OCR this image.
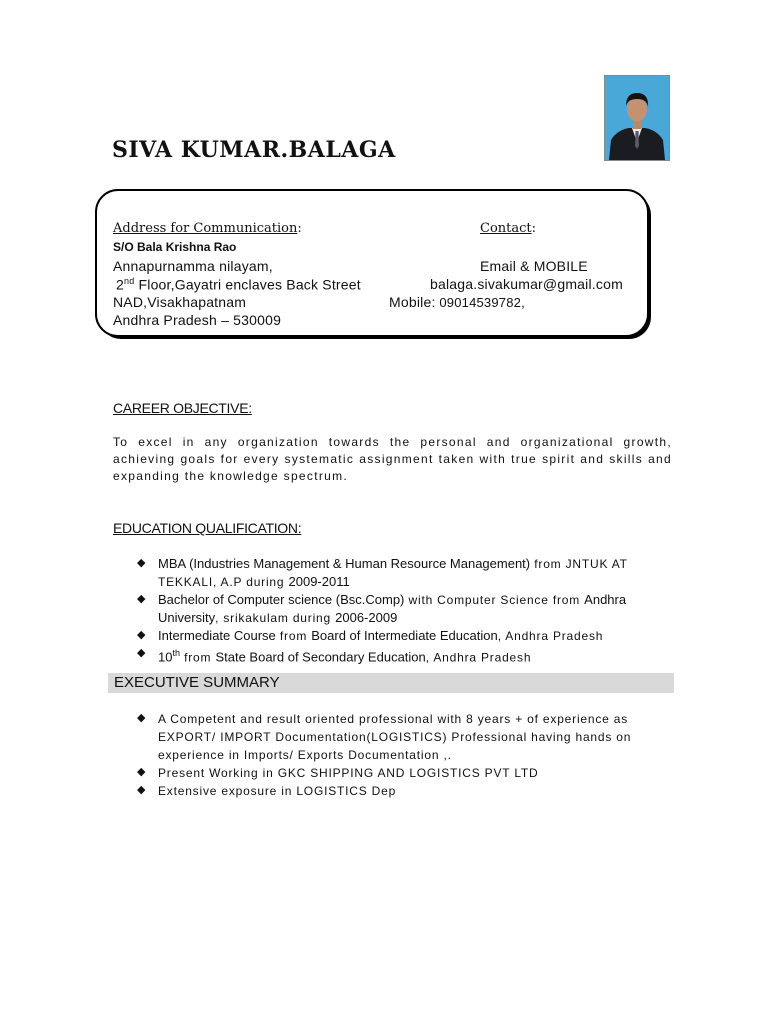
SIVA KUMAR.BALAGA
Address for Communication:	Contact:
S/O Bala Krishna Rao
Annapurnamma nilayam,
2nd Floor,Gayatri enclaves Back Street
NAD,Visakhapatnam
Andhra Pradesh – 530009
Email & MOBILE
balaga.sivakumar@gmail.com
Mobile: 09014539782,
CAREER OBJECTIVE:
To excel in any organization towards the personal and organizational growth, achieving goals for every systematic assignment taken with true spirit and skills and expanding the knowledge spectrum.
EDUCATION QUALIFICATION:
◆ MBA (Industries Management & Human Resource Management) from JNTUK AT TEKKALI, A.P during 2009-2011
◆ Bachelor of Computer science (Bsc.Comp) with Computer Science from Andhra University, srikakulam during 2006-2009
◆ Intermediate Course from Board of Intermediate Education, Andhra Pradesh
◆ 10th from State Board of Secondary Education, Andhra Pradesh
EXECUTIVE SUMMARY
◆ A Competent and result oriented professional with 8 years + of experience as EXPORT/ IMPORT Documentation(LOGISTICS) Professional having hands on experience in Imports/ Exports Documentation ,.
◆ Present Working in GKC SHIPPING AND LOGISTICS PVT LTD
◆ Extensive exposure in LOGISTICS Dep
